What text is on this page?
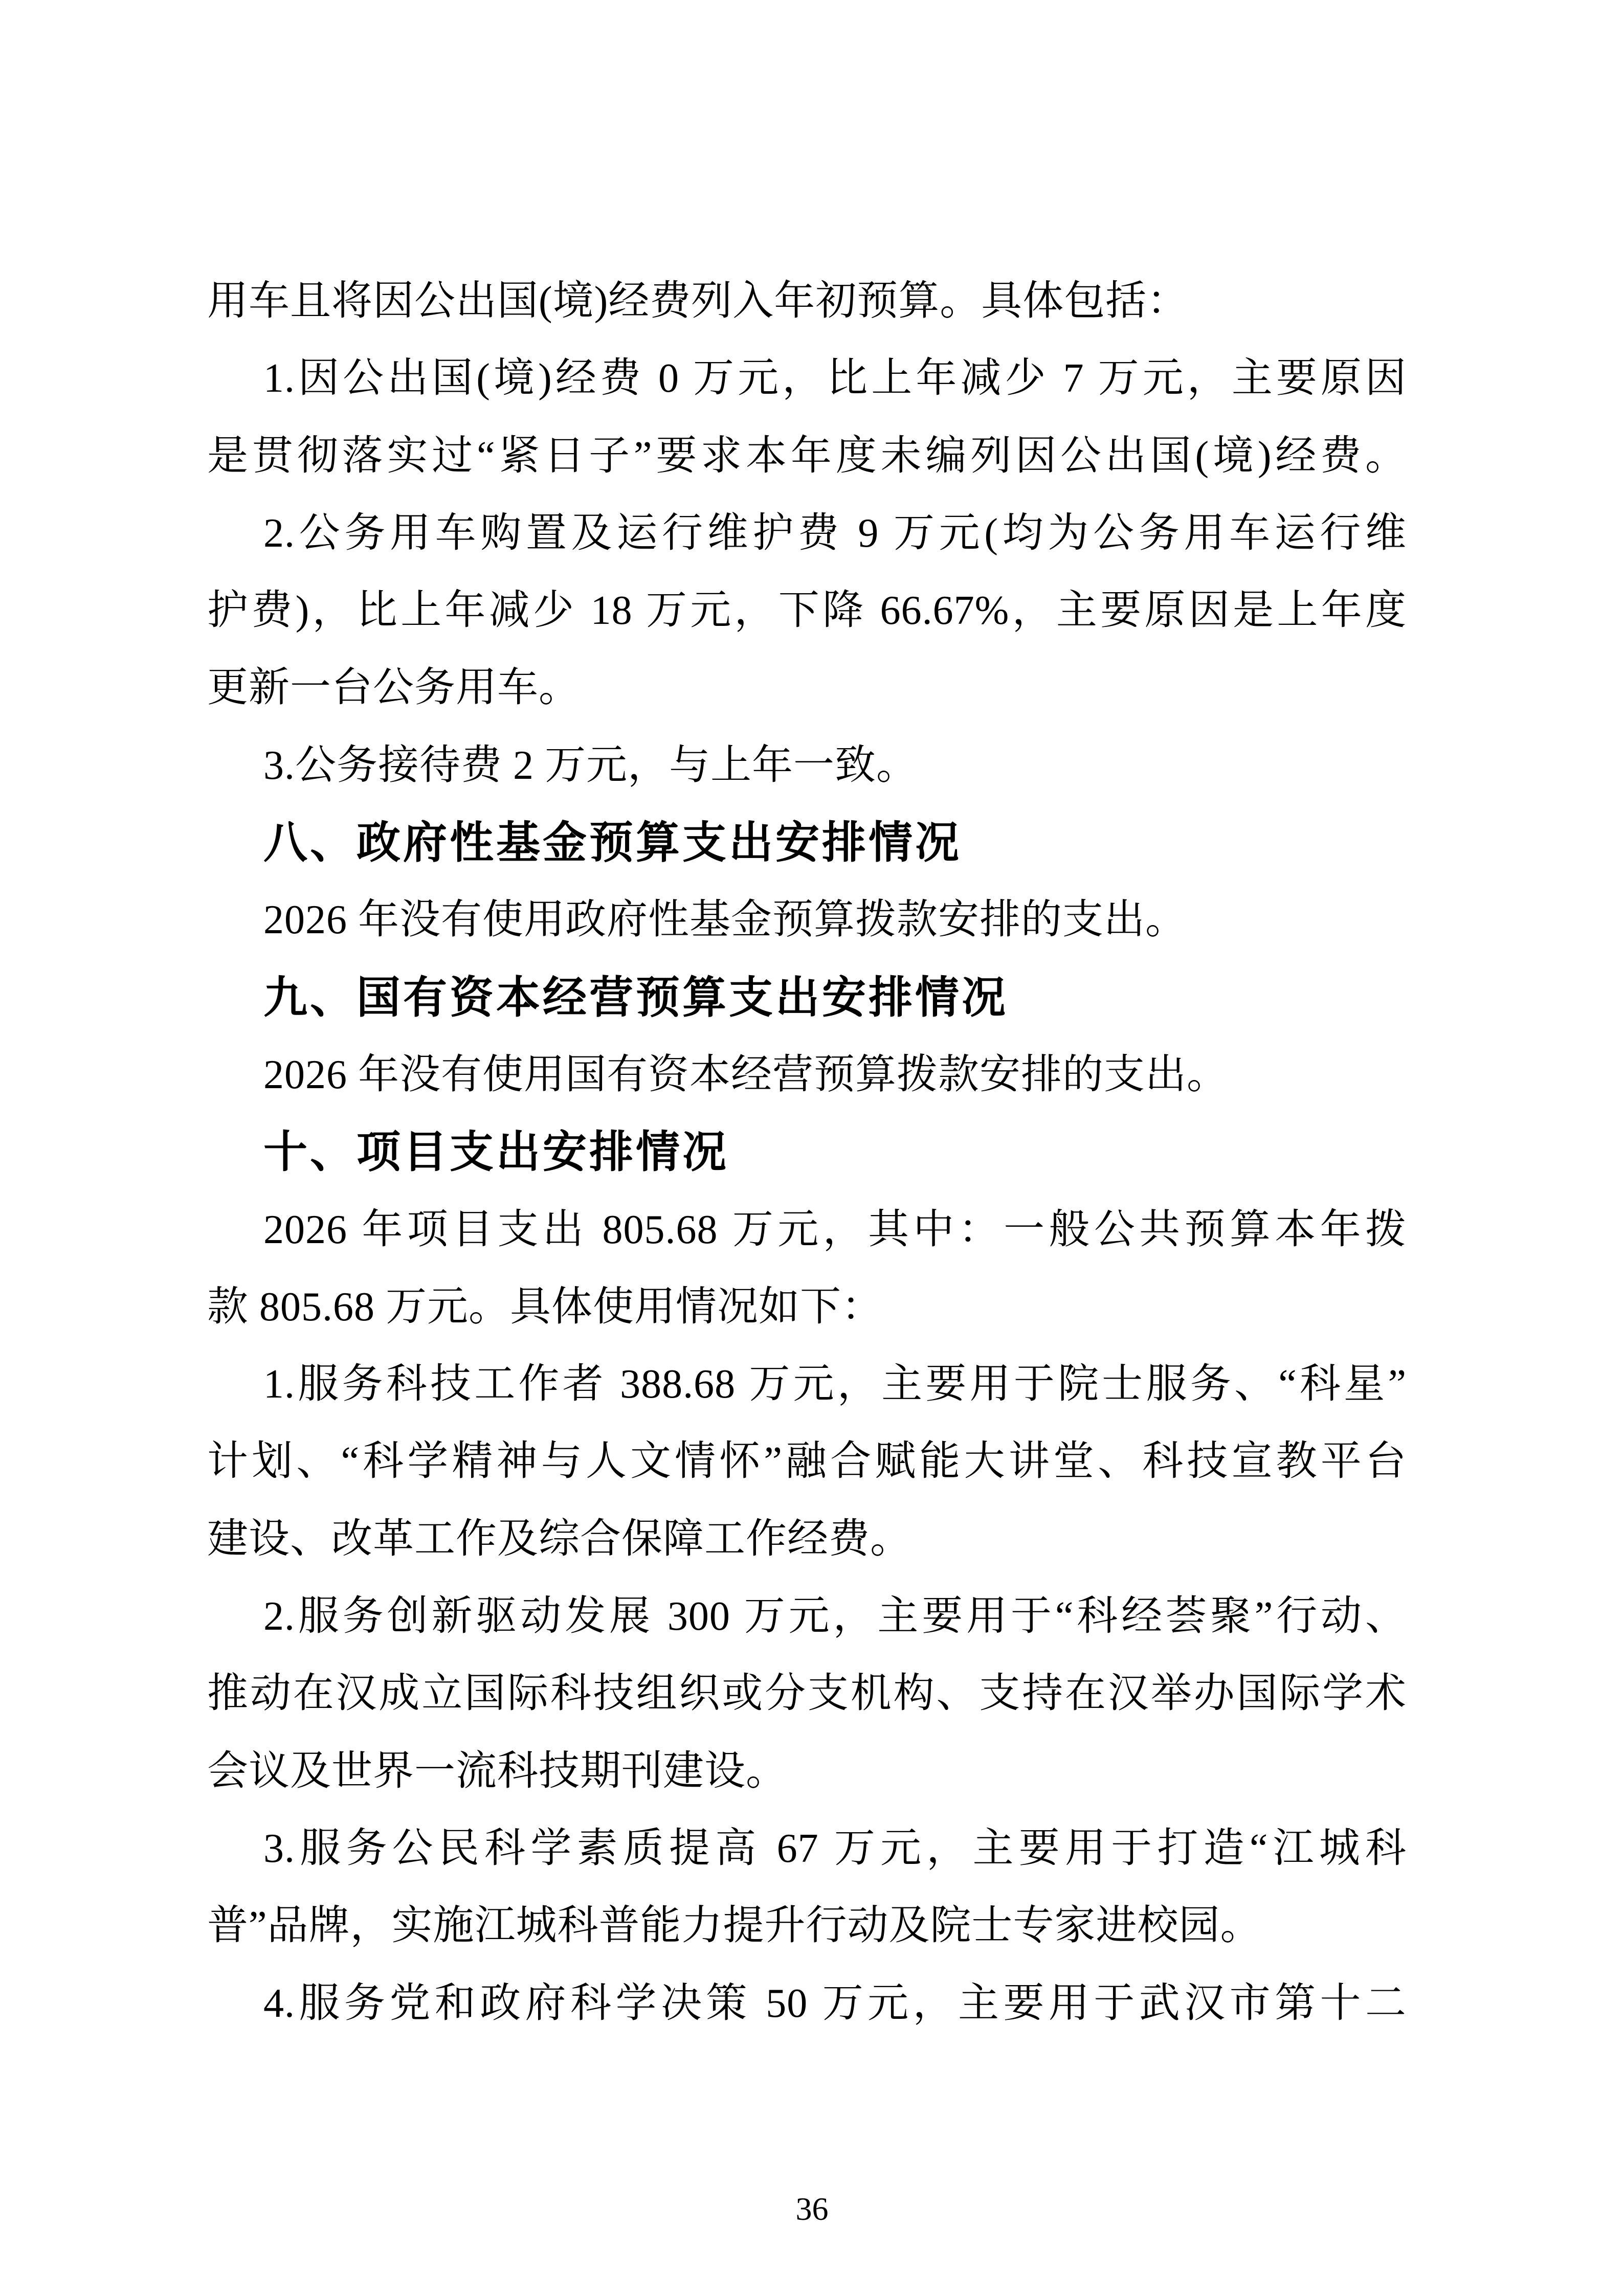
用车且将因公出国(境)经费列入年初预算。具体包括：
1.因公出国(境)经费 0 万元，比上年减少 7 万元，主要原因
是贯彻落实过“紧日子”要求本年度未编列因公出国(境)经费。
2.公务用车购置及运行维护费 9 万元(均为公务用车运行维
护费)，比上年减少 18 万元，下降 66.67%，主要原因是上年度
更新一台公务用车。
3.公务接待费 2 万元，与上年一致。
八、政府性基金预算支出安排情况
2026 年没有使用政府性基金预算拨款安排的支出。
九、国有资本经营预算支出安排情况
2026 年没有使用国有资本经营预算拨款安排的支出。
十、项目支出安排情况
2026 年项目支出 805.68 万元，其中：一般公共预算本年拨
款 805.68 万元。具体使用情况如下：
1.服务科技工作者 388.68 万元，主要用于院士服务、“科星”
计划、“科学精神与人文情怀”融合赋能大讲堂、科技宣教平台
建设、改革工作及综合保障工作经费。
2.服务创新驱动发展 300 万元，主要用于“科经荟聚”行动、
推动在汉成立国际科技组织或分支机构、支持在汉举办国际学术
会议及世界一流科技期刊建设。
3.服务公民科学素质提高 67 万元，主要用于打造“江城科
普”品牌，实施江城科普能力提升行动及院士专家进校园。
4.服务党和政府科学决策 50 万元，主要用于武汉市第十二
36
